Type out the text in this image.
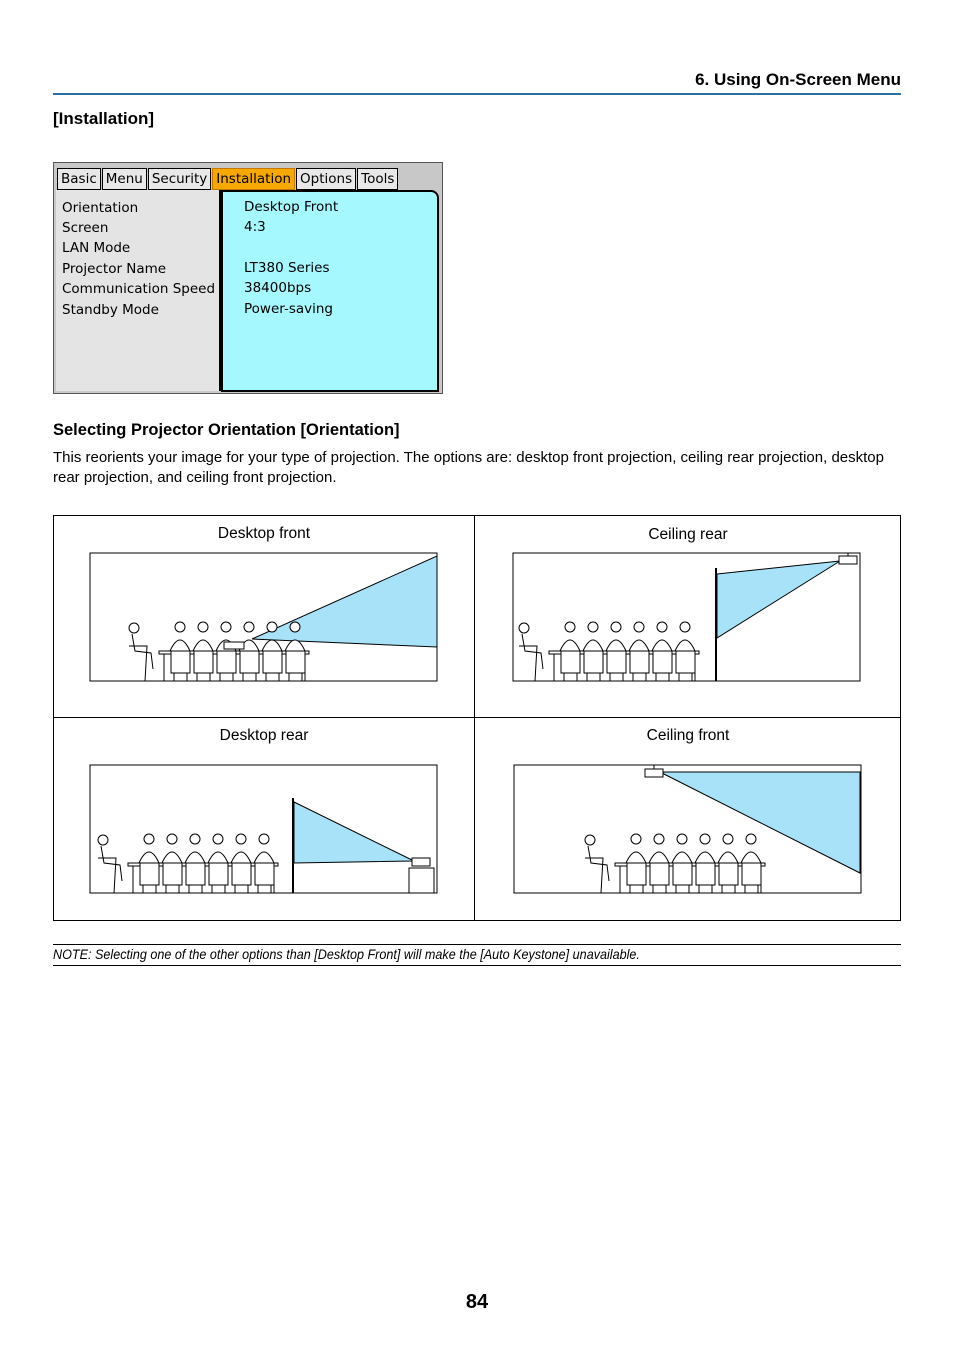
6. Using On-Screen Menu
[Installation]
Basic Menu Security Installation Options Tools
Orientation
Screen
LAN Mode
Projector Name
Communication Speed
Standby Mode
Desktop Front
4:3
LT380 Series
38400bps
Power-saving
Selecting Projector Orientation [Orientation]
This reorients your image for your type of projection. The options are: desktop front projection, ceiling rear projection, desktop rear projection, and ceiling front projection.
Desktop front	Ceiling rear
Desktop rear	Ceiling front
NOTE: Selecting one of the other options than [Desktop Front] will make the [Auto Keystone] unavailable.
84
